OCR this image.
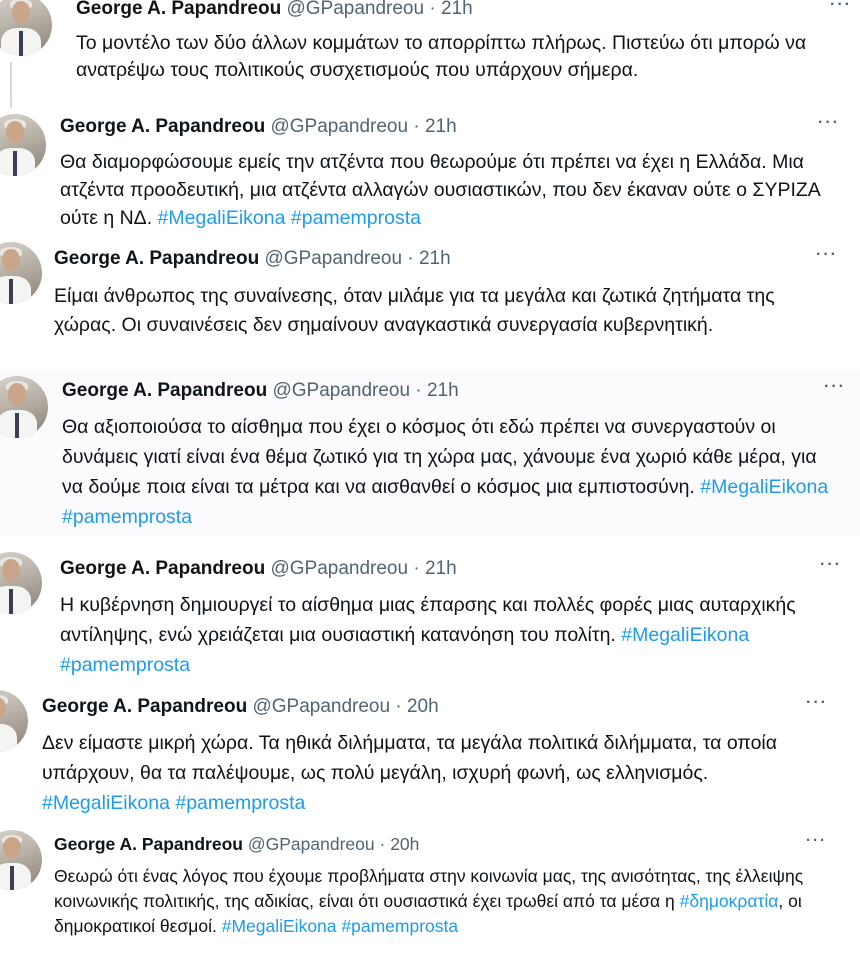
George A. Papandreou @GPapandreou · 21h	···
Το μοντέλο των δύο άλλων κομμάτων το απορρίπτω πλήρως. Πιστεύω ότι μπορώ να ανατρέψω τους πολιτικούς συσχετισμούς που υπάρχουν σήμερα.
George A. Papandreou @GPapandreou · 21h	···
Θα διαμορφώσουμε εμείς την ατζέντα που θεωρούμε ότι πρέπει να έχει η Ελλάδα. Μια ατζέντα προοδευτική, μια ατζέντα αλλαγών ουσιαστικών, που δεν έκαναν ούτε ο ΣΥΡΙΖΑ ούτε η ΝΔ. #MegaliEikona #pamemprosta
George A. Papandreou @GPapandreou · 21h	···
Είμαι άνθρωπος της συναίνεσης, όταν μιλάμε για τα μεγάλα και ζωτικά ζητήματα της χώρας. Οι συναινέσεις δεν σημαίνουν αναγκαστικά συνεργασία κυβερνητική.
George A. Papandreou @GPapandreou · 21h	···
Θα αξιοποιούσα το αίσθημα που έχει ο κόσμος ότι εδώ πρέπει να συνεργαστούν οι δυνάμεις γιατί είναι ένα θέμα ζωτικό για τη χώρα μας, χάνουμε ένα χωριό κάθε μέρα, για να δούμε ποια είναι τα μέτρα και να αισθανθεί ο κόσμος μια εμπιστοσύνη. #MegaliEikona #pamemprosta
George A. Papandreou @GPapandreou · 21h	···
Η κυβέρνηση δημιουργεί το αίσθημα μιας έπαρσης και πολλές φορές μιας αυταρχικής αντίληψης, ενώ χρειάζεται μια ουσιαστική κατανόηση του πολίτη. #MegaliEikona #pamemprosta
George A. Papandreou @GPapandreou · 20h	···
Δεν είμαστε μικρή χώρα. Τα ηθικά διλήμματα, τα μεγάλα πολιτικά διλήμματα, τα οποία υπάρχουν, θα τα παλέψουμε, ως πολύ μεγάλη, ισχυρή φωνή, ως ελληνισμός. #MegaliEikona #pamemprosta
George A. Papandreou @GPapandreou · 20h	···
Θεωρώ ότι ένας λόγος που έχουμε προβλήματα στην κοινωνία μας, της ανισότητας, της έλλειψης κοινωνικής πολιτικής, της αδικίας, είναι ότι ουσιαστικά έχει τρωθεί από τα μέσα η #δημοκρατία, οι δημοκρατικοί θεσμοί. #MegaliEikona #pamemprosta
